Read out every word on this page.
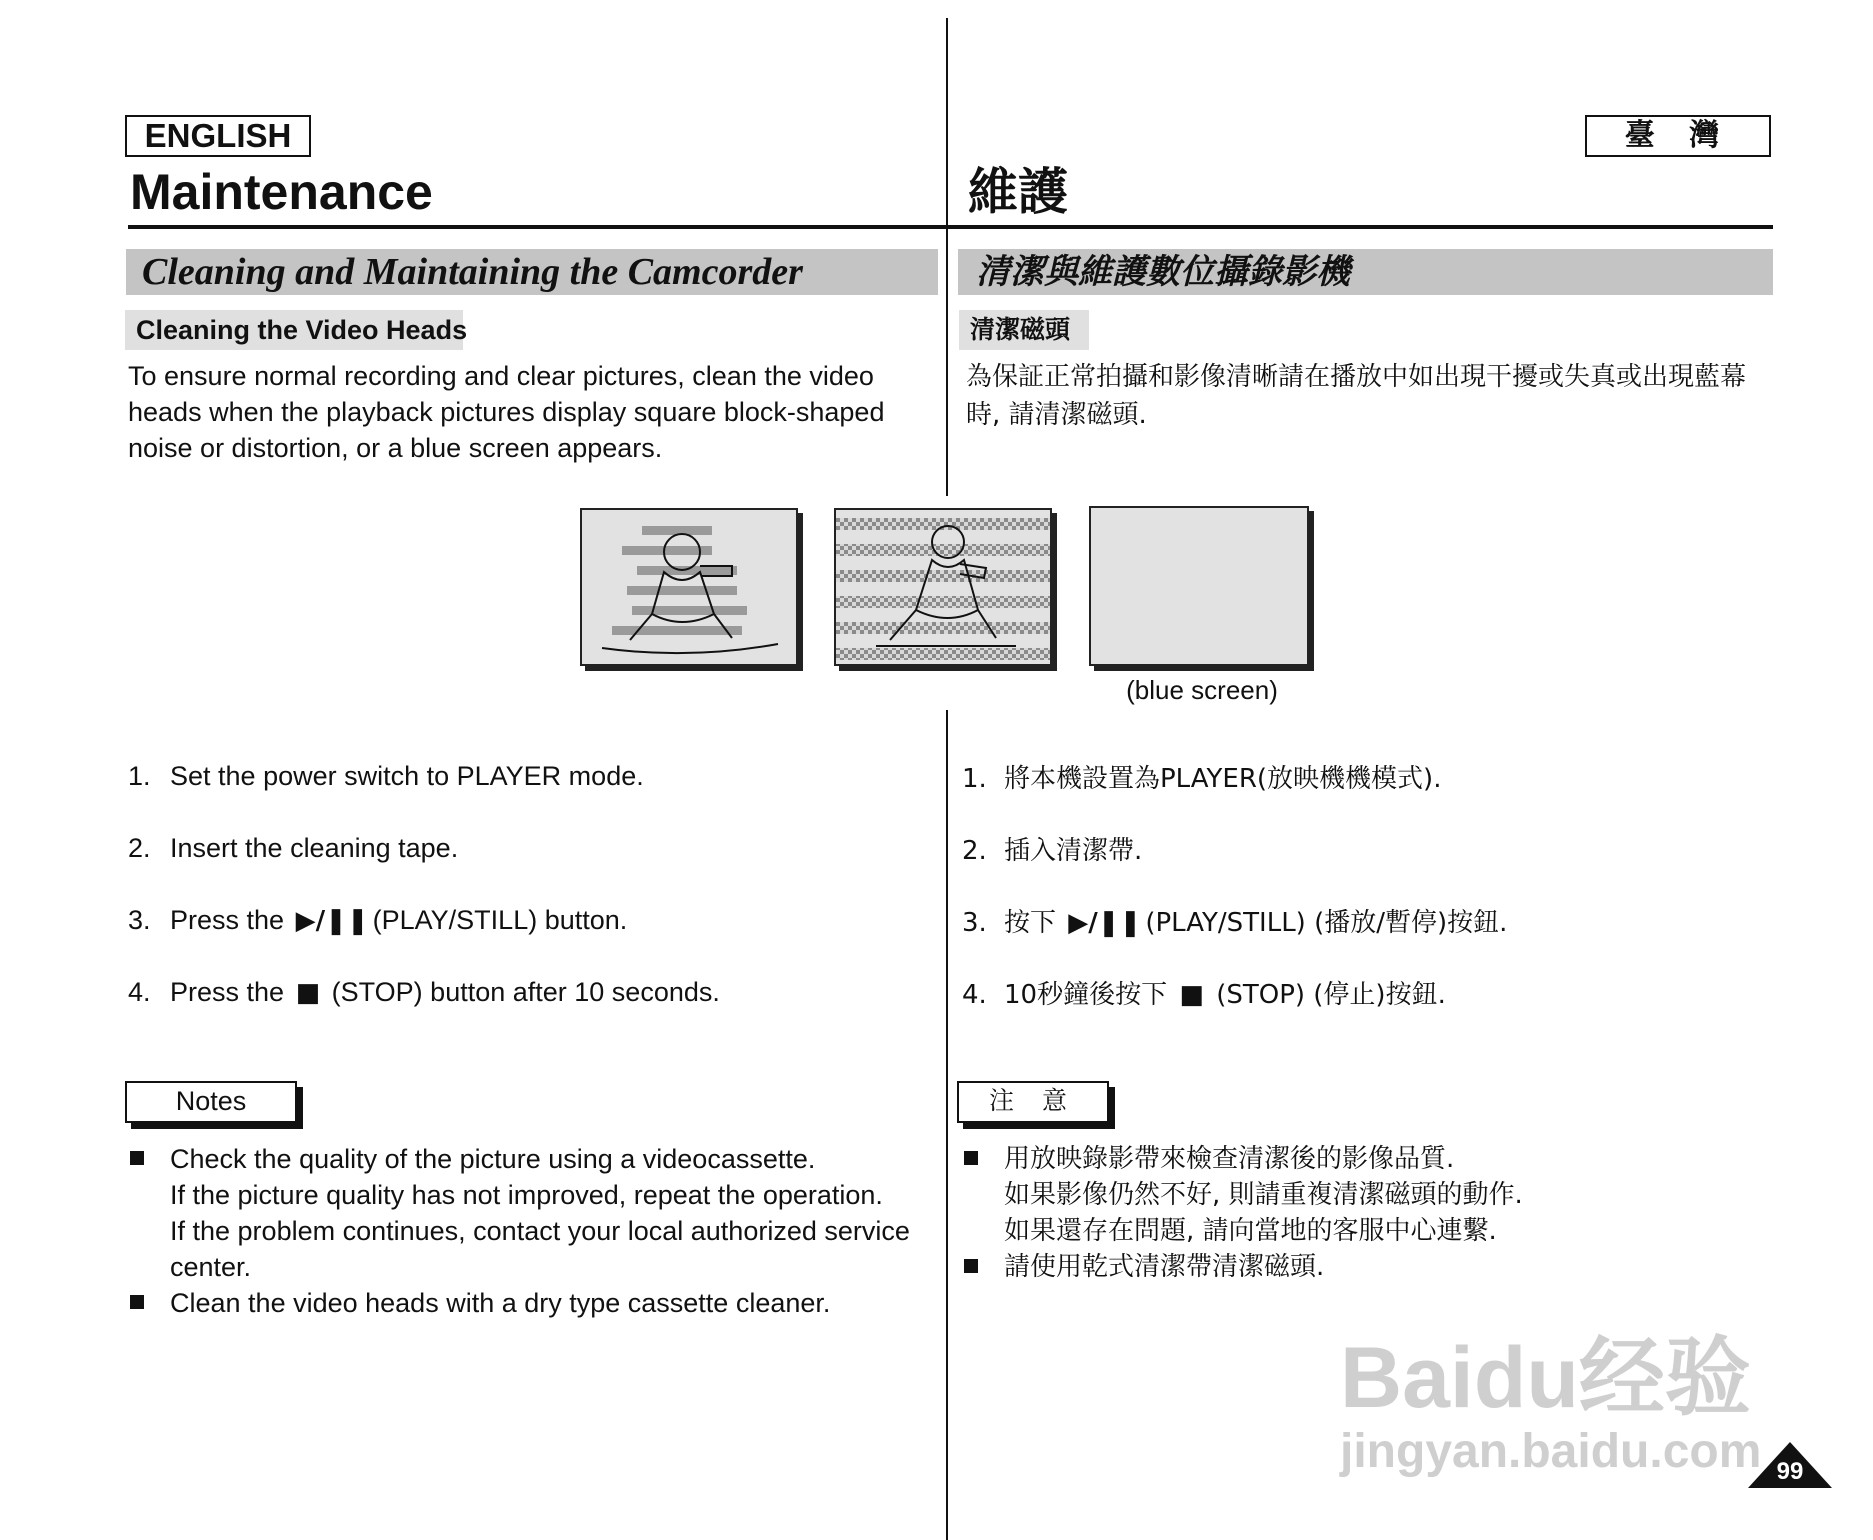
ENGLISH	臺 灣
Maintenance	維護
Cleaning and Maintaining the Camcorder	清潔與維護數位攝錄影機
Cleaning the Video Heads	清潔磁頭
To ensure normal recording and clear pictures, clean the video heads when the playback pictures display square block-shaped noise or distortion, or a blue screen appears.
為保証正常拍攝和影像清晰請在播放中如出現干擾或失真或出現藍幕時, 請清潔磁頭.
(blue screen)
1. Set the power switch to PLAYER mode.
2. Insert the cleaning tape.
3. Press the ▶/❚❚ (PLAY/STILL) button.
4. Press the ■ (STOP) button after 10 seconds.
1. 將本機設置為PLAYER(放映機機模式).
2. 插入清潔帶.
3. 按下 ▶/❚❚ (PLAY/STILL) (播放/暫停)按鈕.
4. 10秒鐘後按下 ■ (STOP) (停止)按鈕.
Notes	注 意
Check the quality of the picture using a videocassette.
If the picture quality has not improved, repeat the operation.
If the problem continues, contact your local authorized service center.
Clean the video heads with a dry type cassette cleaner.
用放映錄影帶來檢查清潔後的影像品質.
如果影像仍然不好, 則請重複清潔磁頭的動作.
如果還存在問題, 請向當地的客服中心連繫.
請使用乾式清潔帶清潔磁頭.
Baidu经验
jingyan.baidu.com 99
